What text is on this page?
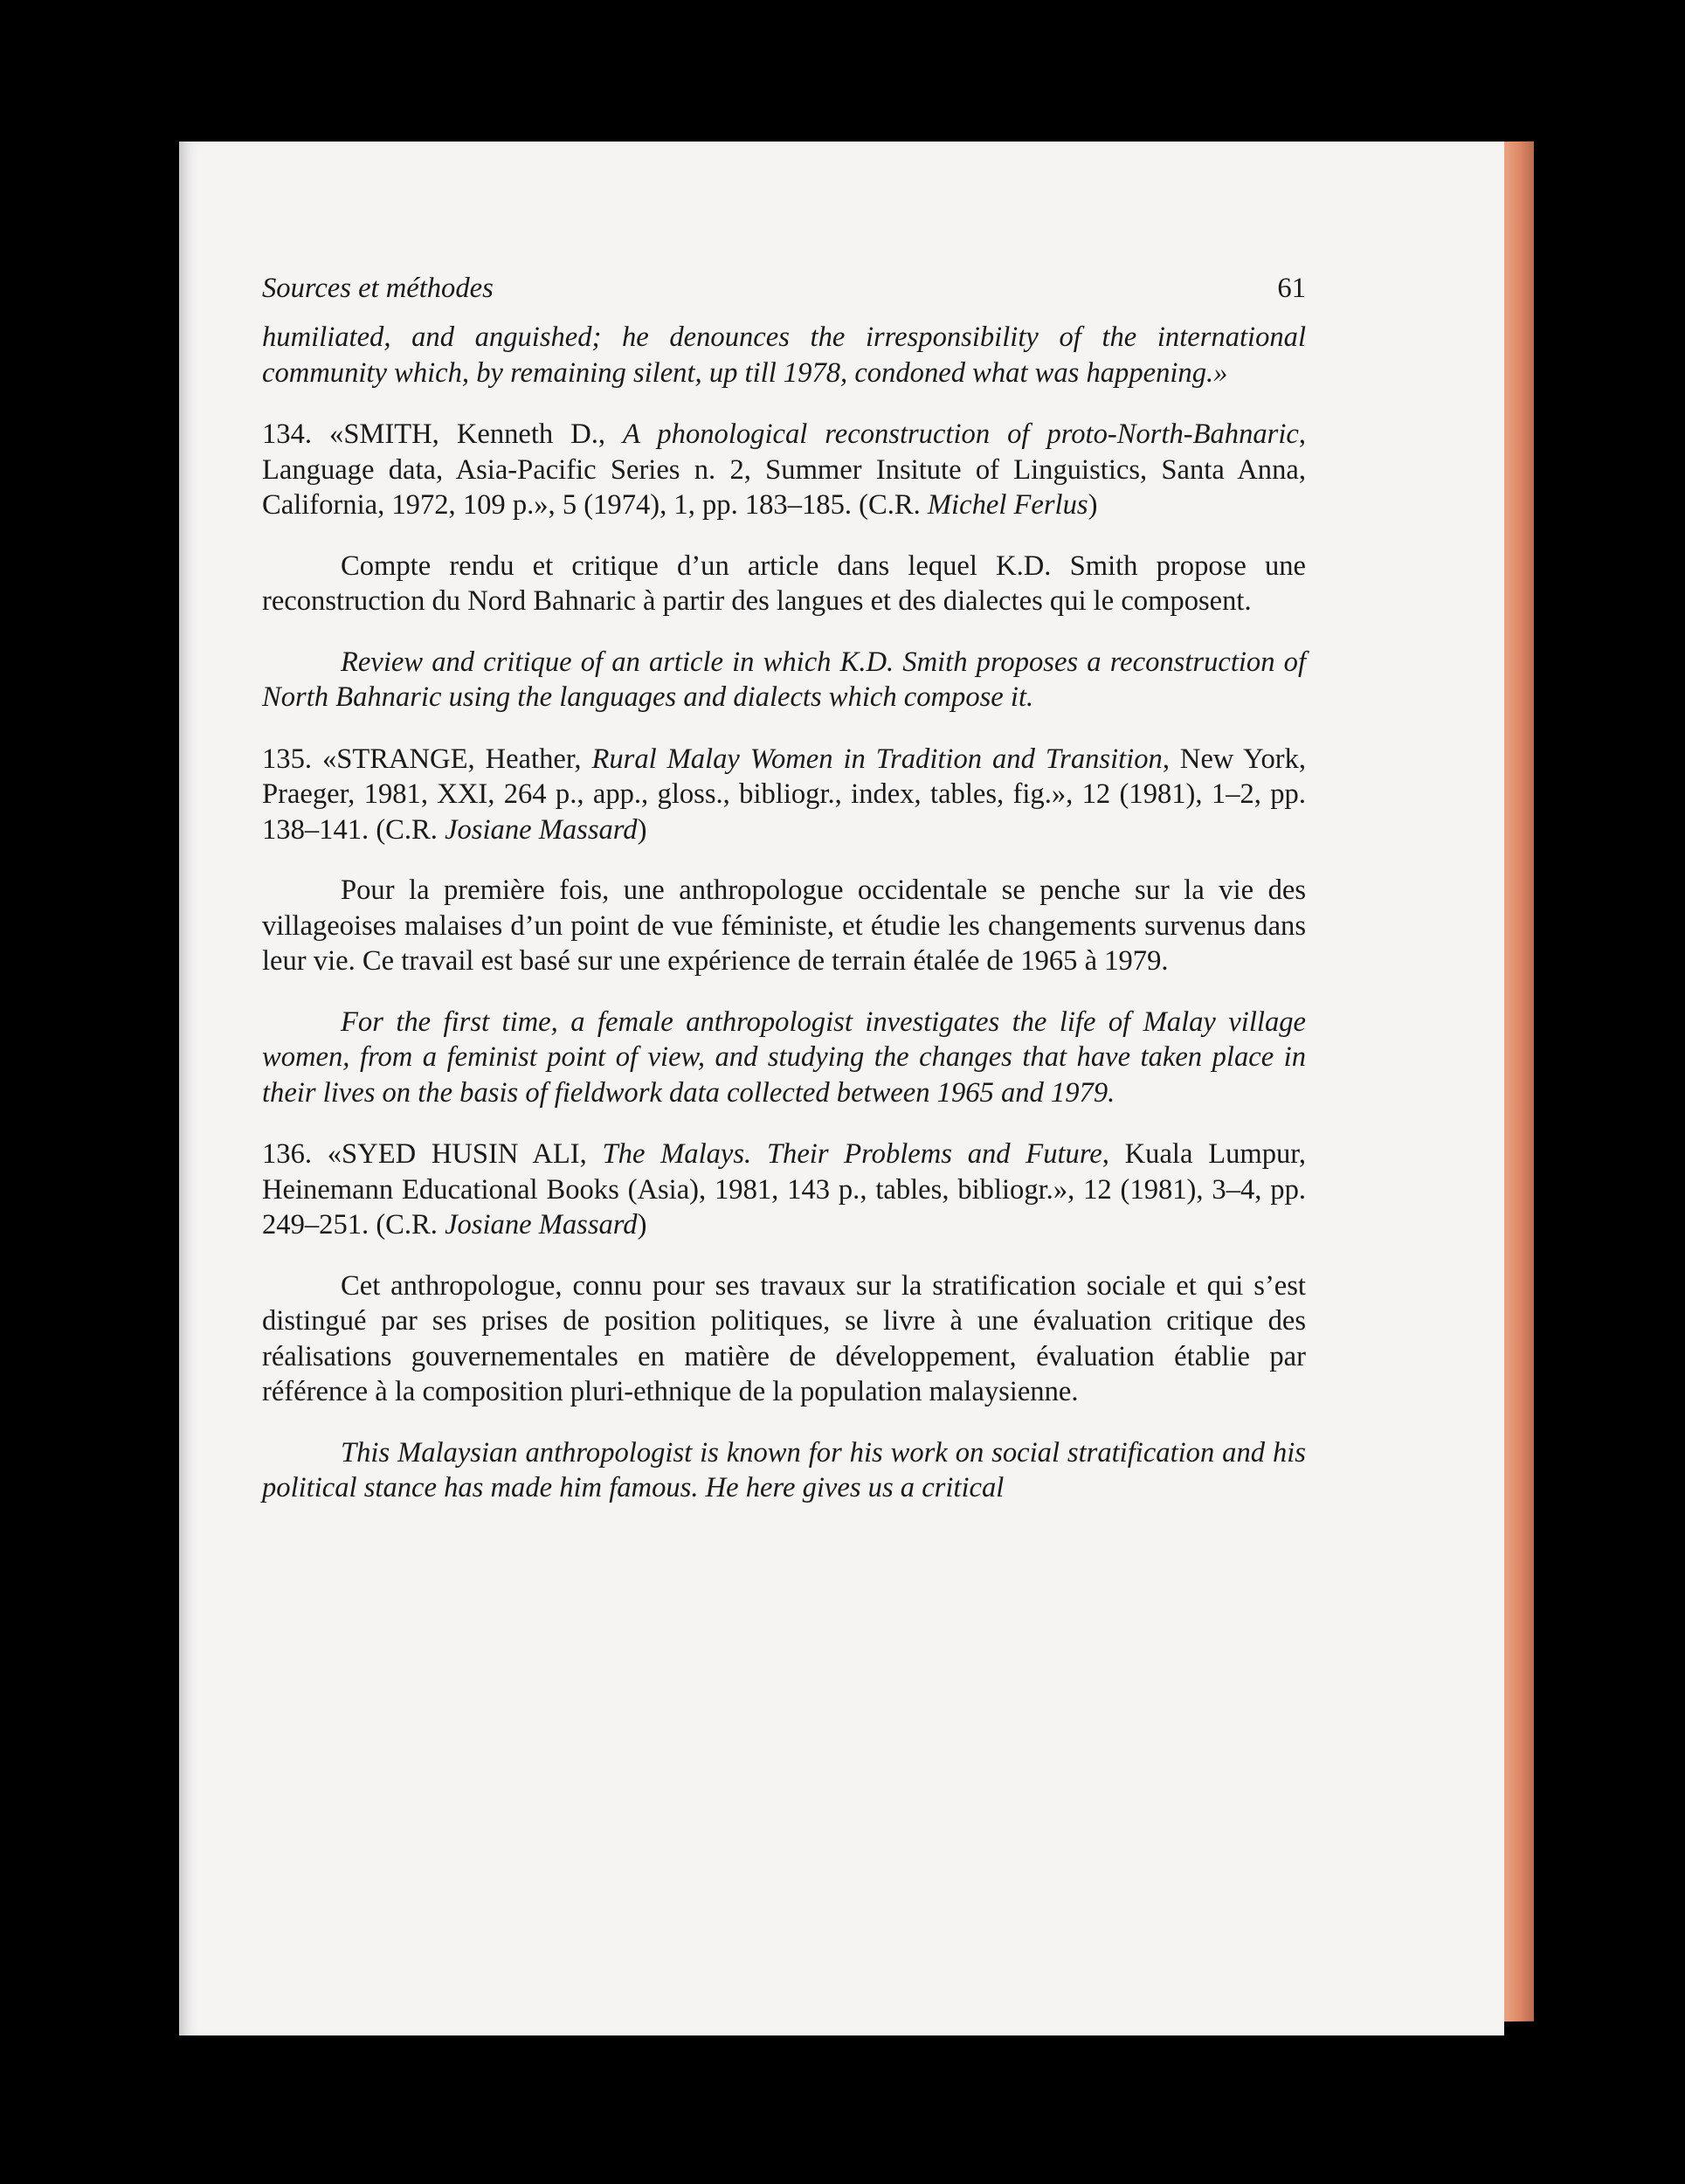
Sources et méthodes	61

humiliated, and anguished; he denounces the irresponsibility of the international community which, by remaining silent, up till 1978, condoned what was happening.»

134. «SMITH, Kenneth D., A phonological reconstruction of proto-North-Bahnaric, Language data, Asia-Pacific Series n. 2, Summer Insitute of Linguistics, Santa Anna, California, 1972, 109 p.», 5 (1974), 1, pp. 183–185. (C.R. Michel Ferlus)

Compte rendu et critique d’un article dans lequel K.D. Smith propose une reconstruction du Nord Bahnaric à partir des langues et des dialectes qui le composent.

Review and critique of an article in which K.D. Smith proposes a reconstruction of North Bahnaric using the languages and dialects which compose it.

135. «STRANGE, Heather, Rural Malay Women in Tradition and Transition, New York, Praeger, 1981, XXI, 264 p., app., gloss., bibliogr., index, tables, fig.», 12 (1981), 1–2, pp. 138–141. (C.R. Josiane Massard)

Pour la première fois, une anthropologue occidentale se penche sur la vie des villageoises malaises d’un point de vue féministe, et étudie les changements survenus dans leur vie. Ce travail est basé sur une expérience de terrain étalée de 1965 à 1979.

For the first time, a female anthropologist investigates the life of Malay village women, from a feminist point of view, and studying the changes that have taken place in their lives on the basis of fieldwork data collected between 1965 and 1979.

136. «SYED HUSIN ALI, The Malays. Their Problems and Future, Kuala Lumpur, Heinemann Educational Books (Asia), 1981, 143 p., tables, bibliogr.», 12 (1981), 3–4, pp. 249–251. (C.R. Josiane Massard)

Cet anthropologue, connu pour ses travaux sur la stratification sociale et qui s’est distingué par ses prises de position politiques, se livre à une évaluation critique des réalisations gouvernementales en matière de développement, évaluation établie par référence à la composition pluri-ethnique de la population malaysienne.

This Malaysian anthropologist is known for his work on social stratification and his political stance has made him famous. He here gives us a critical
